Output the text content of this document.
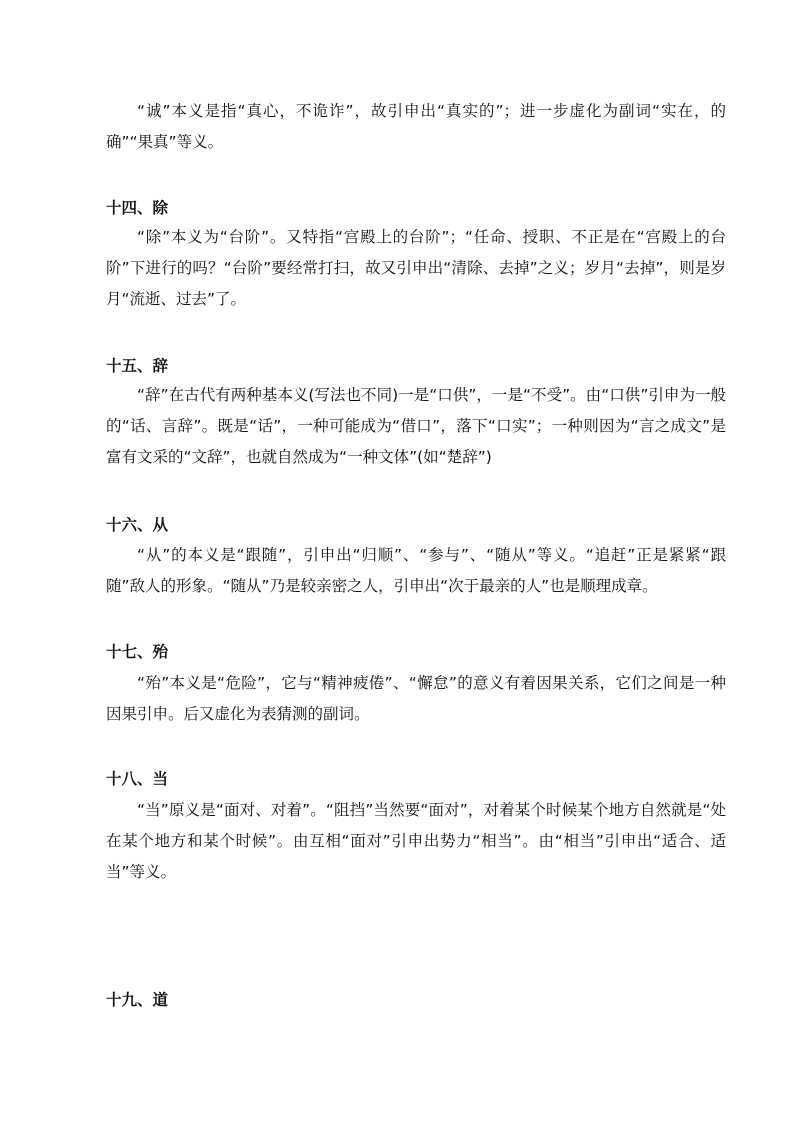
“诚”本义是指“真心，不诡诈”，故引申出“真实的”；进一步虚化为副词“实在，的确”“果真”等义。

十四、除

“除”本义为“台阶”。又特指“宫殿上的台阶”；“任命、授职、不正是在“宫殿上的台阶”下进行的吗？“台阶”要经常打扫，故又引申出“清除、去掉”之义；岁月“去掉”，则是岁月“流逝、过去”了。

十五、辞

“辞”在古代有两种基本义(写法也不同)一是“口供”，一是“不受”。由“口供”引申为一般的“话、言辞”。既是“话”，一种可能成为“借口”，落下“口实”；一种则因为“言之成文”是富有文采的“文辞”，也就自然成为“一种文体”(如“楚辞”)

十六、从

“从”的本义是“跟随”，引申出“归顺”、“参与”、“随从”等义。“追赶”正是紧紧“跟随”敌人的形象。“随从”乃是较亲密之人，引申出“次于最亲的人”也是顺理成章。

十七、殆

“殆”本义是“危险”，它与“精神疲倦”、“懈怠”的意义有着因果关系，它们之间是一种因果引申。后又虚化为表猜测的副词。

十八、当

“当”原义是“面对、对着”。“阻挡”当然要“面对”，对着某个时候某个地方自然就是“处在某个地方和某个时候”。由互相“面对”引申出势力“相当”。由“相当”引申出“适合、适当”等义。

十九、道
